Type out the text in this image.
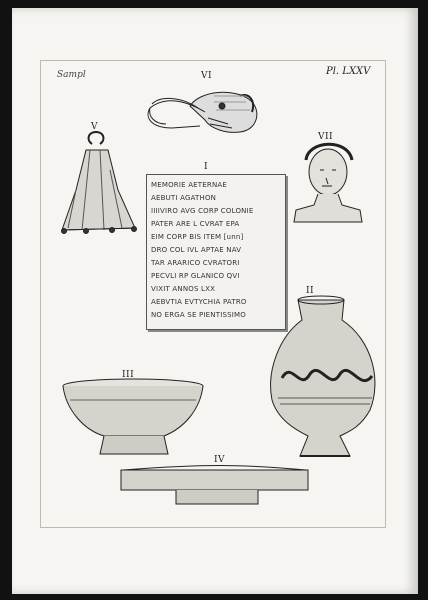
Sampl	Pl. LXXV
VI
V
VII
I
II
III
IV
MEMORIE AETERNAE
AEBUTI AGATHON
IIIIVIRO AVG CORP COLONIE
PATER ARE L CVRAT EPA
EIM CORP BIS ITEM [unn]
DRO COL IVL APTAE NAV
TAR ARARICO CVRATORI
PECVLI RP GLANICO QVI
VIXIT ANNOS LXX
AEBVTIA EVTYCHIA PATRO
NO ERGA SE PIENTISSIMO
